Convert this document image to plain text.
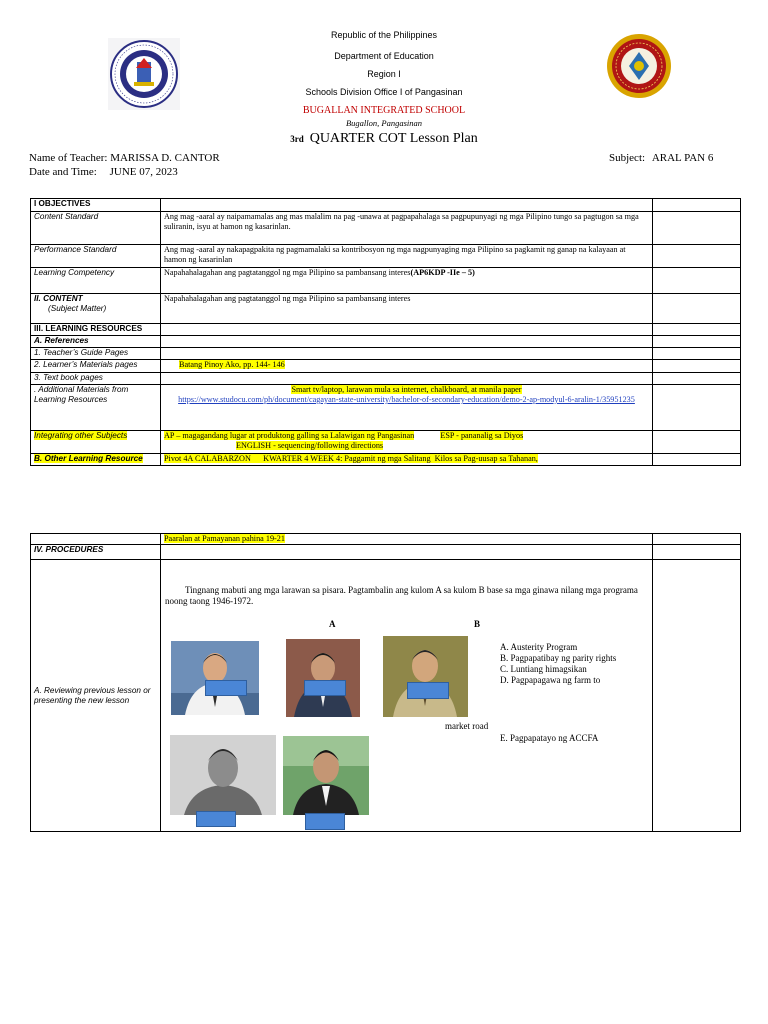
Republic of the Philippines
Department of Education
Region I
Schools Division Office I of Pangasinan
BUGALLAN INTEGRATED SCHOOL
Bugallon, Pangasinan
3rd QUARTER COT Lesson Plan
Name of Teacher: MARISSA D. CANTOR
Date and Time: JUNE 07, 2023
Subject: ARAL PAN 6
I OBJECTIVES		
Content Standard	Ang mag -aaral ay naipamamalas ang mas malalim na pag -unawa at pagpapahalaga sa pagpupunyagi ng mga Pilipino tungo sa pagtugon sa mga suliranin, isyu at hamon ng kasarinlan.	
Performance Standard	Ang mag -aaral ay nakapagpakita ng pagmamalaki sa kontribosyon ng mga nagpunyaging mga Pilipino sa pagkamit ng ganap na kalayaan at hamon ng kasarinlan	
Learning Competency	Napahahalagahan ang pagtatanggol ng mga Pilipino sa pambansang interes(AP6KDP -IIe – 5)	
II. CONTENT
(Subject Matter)	Napahahalagahan ang pagtatanggol ng mga Pilipino sa pambansang interes	
III. LEARNING RESOURCES		
A. References		
1. Teacher’s Guide Pages		
2. Learner’s Materials pages	Batang Pinoy Ako, pp. 144- 146	
3. Text book pages		
. Additional Materials from Learning Resources	Smart tv/laptop, larawan mula sa internet, chalkboard, at manila paper
https://www.studocu.com/ph/document/cagayan-state-university/bachelor-of-secondary-education/demo-2-ap-modyul-6-aralin-1/35951235	
Integrating other Subjects	AP – magagandang lugar at produktong galling sa Lalawigan ng Pangasinan ESP - pananalig sa Diyos
ENGLISH - sequencing/following directions	
B. Other Learning Resource	Pivot 4A CALABARZON      KWARTER 4 WEEK 4: Paggamit ng mga Salitang  Kilos sa Pag-uusap sa Tahanan,	
	Paaralan at Pamayanan pahina 19-21	
IV. PROCEDURES		

A. Reviewing previous lesson or presenting the new lesson		

Tingnang mabuti ang mga larawan sa pisara. Pagtambalin ang kulom A sa kulom B base sa mga ginawa nilang mga programa noong taong 1946-1972.
A	B
A. Austerity Program
B. Pagpapatibay ng parity rights
C. Luntiang himagsikan
D. Pagpapagawa ng farm to
market road
E. Pagpapatayo ng ACCFA
